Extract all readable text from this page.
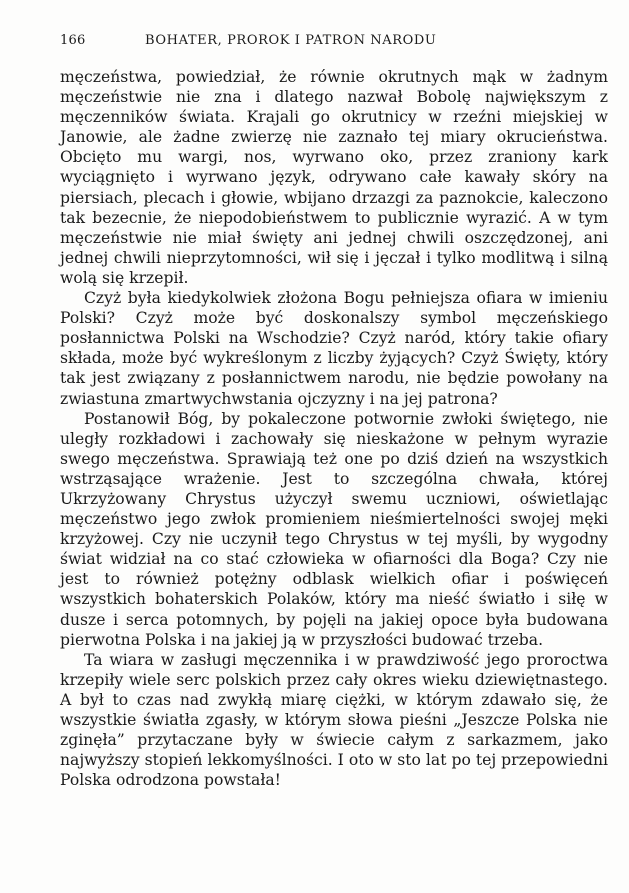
166	BOHATER, PROROK I PATRON NARODU

męczeństwa, powiedział, że równie okrutnych mąk w żadnym męczeństwie nie zna i dlatego nazwał Bobolę największym z męczenników świata. Krajali go okrutnicy w rzeźni miejskiej w Janowie, ale żadne zwierzę nie zaznało tej miary okrucieństwa. Obcięto mu wargi, nos, wyrwano oko, przez zraniony kark wyciągnięto i wyrwano język, odrywano całe kawały skóry na piersiach, plecach i głowie, wbijano drzazgi za paznokcie, kaleczono tak bezecnie, że niepodobieństwem to publicznie wyrazić. A w tym męczeństwie nie miał święty ani jednej chwili oszczędzonej, ani jednej chwili nieprzytomności, wił się i jęczał i tylko modlitwą i silną wolą się krzepił.

Czyż była kiedykolwiek złożona Bogu pełniejsza ofiara w imieniu Polski? Czyż może być doskonalszy symbol męczeńskiego posłannictwa Polski na Wschodzie? Czyż naród, który takie ofiary składa, może być wykreślonym z liczby żyjących? Czyż Święty, który tak jest związany z posłannictwem narodu, nie będzie powołany na zwiastuna zmartwychwstania ojczyzny i na jej patrona?

Postanowił Bóg, by pokaleczone potwornie zwłoki świętego, nie uległy rozkładowi i zachowały się nieskażone w pełnym wyrazie swego męczeństwa. Sprawiają też one po dziś dzień na wszystkich wstrząsające wrażenie. Jest to szczególna chwała, której Ukrzyżowany Chrystus użyczył swemu uczniowi, oświetlając męczeństwo jego zwłok promieniem nieśmiertelności swojej męki krzyżowej. Czy nie uczynił tego Chrystus w tej myśli, by wygodny świat widział na co stać człowieka w ofiarności dla Boga? Czy nie jest to również potężny odblask wielkich ofiar i poświęceń wszystkich bohaterskich Polaków, który ma nieść światło i siłę w dusze i serca potomnych, by pojęli na jakiej opoce była budowana pierwotna Polska i na jakiej ją w przyszłości budować trzeba.

Ta wiara w zasługi męczennika i w prawdziwość jego proroctwa krzepiły wiele serc polskich przez cały okres wieku dziewiętnastego. A był to czas nad zwykłą miarę ciężki, w którym zdawało się, że wszystkie światła zgasły, w którym słowa pieśni „Jeszcze Polska nie zginęła” przytaczane były w świecie całym z sarkazmem, jako najwyższy stopień lekkomyślności. I oto w sto lat po tej przepowiedni Polska odrodzona powstała!
